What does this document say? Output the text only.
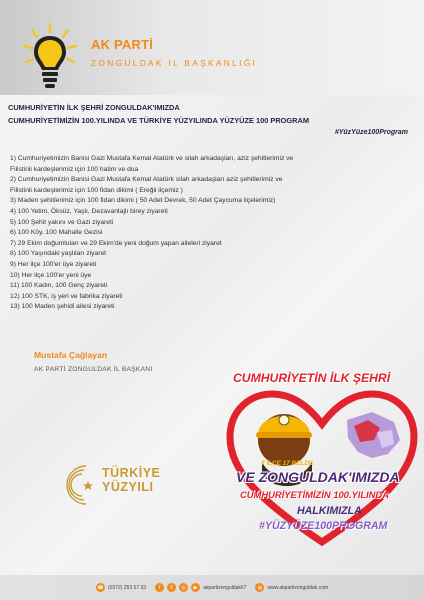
AK PARTİ
ZONGULDAK İL BAŞKANLIĞI
CUMHURİYETİN İLK ŞEHRİ ZONGULDAK'IMIZDA
CUMHURİYETİMİZİN 100.YILINDA VE TÜRKİYE YÜZYILINDA YÜZYÜZE 100 PROGRAM
#YüzYüze100Program
1) Cumhuriyetimizin Banisi Gazi Mustafa Kemal Atatürk ve silah arkadaşları, aziz şehitlerimiz ve
Filistinli kardeşlerimiz için 100 hatim ve dua
2) Cumhuriyetimizin Banisi Gazi Mustafa Kemal Atatürk silah arkadaşları aziz şehitlerimiz ve
Filistinli kardeşlerimiz için 100 fidan dikimi ( Ereğli ilçemiz )
3) Maden şehitlerimiz için 100 fidan dikimi ( 50 Adet Devrek, 50 Adet Çaycuma ilçelerimiz)
4) 100 Yetim, Öksüz, Yaşlı, Dezavantajlı birey ziyareti
5) 100 Şehit yakını ve Gazi ziyareti
6) 100 Köy, 100 Mahalle Gezisi
7) 29 Ekim doğumluları ve 29 Ekim'de yeni doğum yapan aileleri ziyaret
8) 100 Yaşındaki yaşlıları ziyaret
9) Her ilçe 100'er üye ziyareti
10) Her ilçe 100'er yeni üye
11) 100 Kadın, 100 Genç ziyareti
12) 100 STK, iş yeri ve fabrika ziyareti
13) 100 Maden şehidi ailesi ziyareti
Mustafa Çağlayan
AK PARTİ ZONGULDAK İL BAŞKANI
TÜRKİYE
YÜZYILI
CUMHURİYETİN İLK ŞEHRİ
7 İLÇE 17 BELDE
VE ZONGULDAK'IMIZDA
CUMHURİYETİMİZİN 100.YILINDA
HALKIMIZLA
#YÜZYÜZE100PROGRAM
☎ (0372) 253 57 33	f	X	◎	▶	akpartizonguldak67	◍	www.akpartizonguldak.com
